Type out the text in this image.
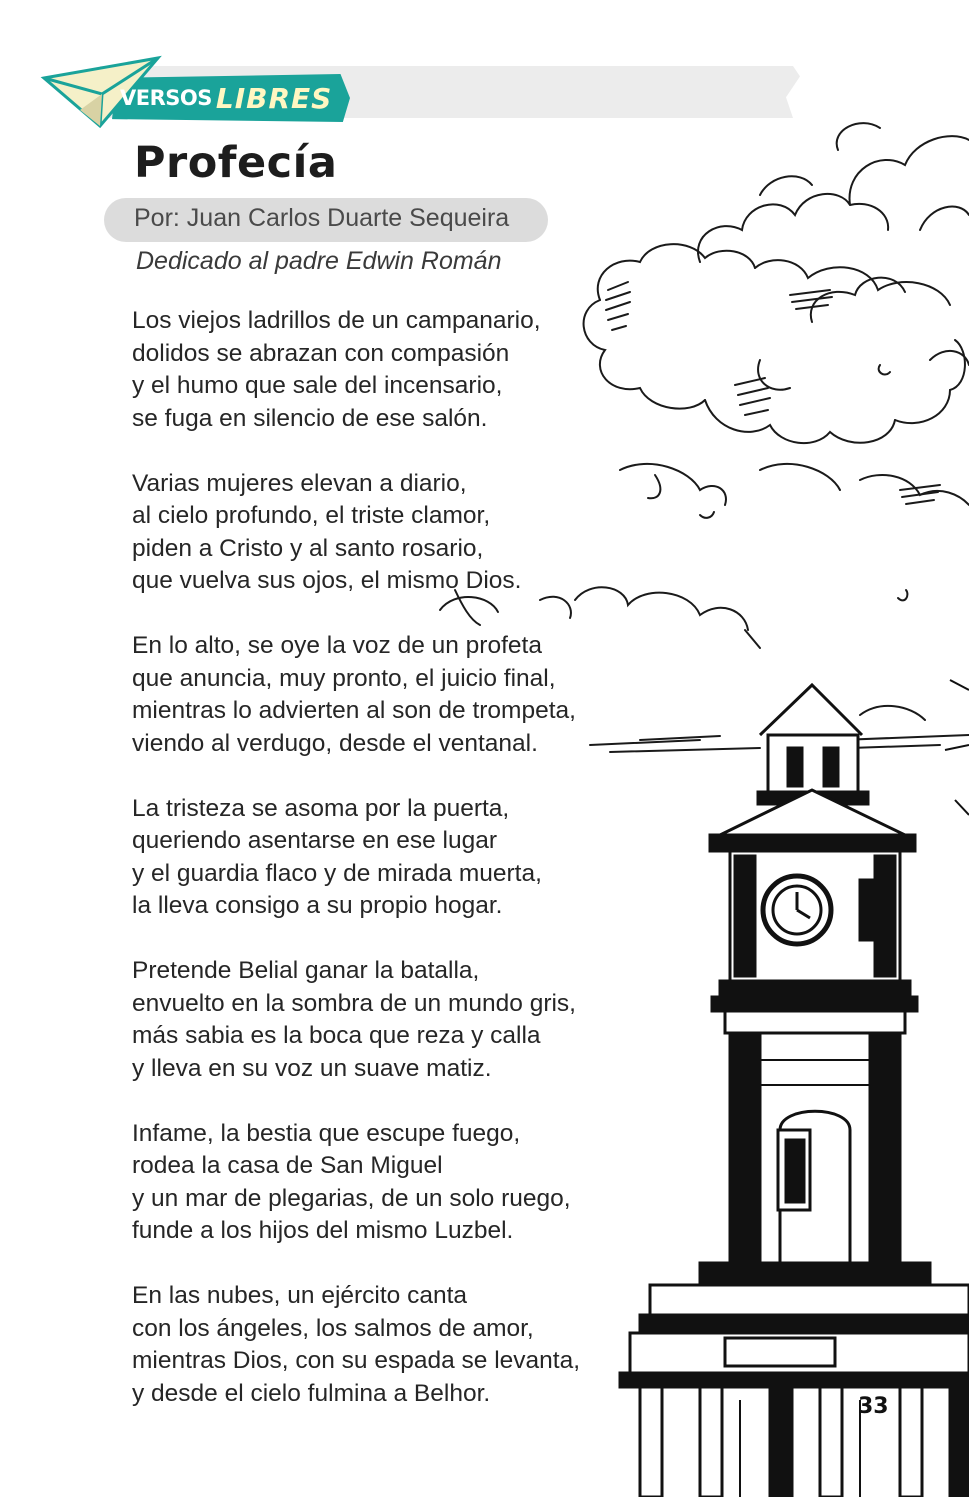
VERSOS LIBRES
Profecía
Por: Juan Carlos Duarte Sequeira
Dedicado al padre Edwin Román
Los viejos ladrillos de un campanario,
dolidos se abrazan con compasión
y el humo que sale del incensario,
se fuga en silencio de ese salón.
Varias mujeres elevan a diario,
al cielo profundo, el triste clamor,
piden a Cristo y al santo rosario,
que vuelva sus ojos, el mismo Dios.
En lo alto, se oye la voz de un profeta
que anuncia, muy pronto, el juicio final,
mientras lo advierten al son de trompeta,
viendo al verdugo, desde el ventanal.
La tristeza se asoma por la puerta,
queriendo asentarse en ese lugar
y el guardia flaco y de mirada muerta,
la lleva consigo a su propio hogar.
Pretende Belial ganar la batalla,
envuelto en la sombra de un mundo gris,
más sabia es la boca que reza y calla
y lleva en su voz un suave matiz.
Infame, la bestia que escupe fuego,
rodea la casa de San Miguel
y un mar de plegarias, de un solo ruego,
funde a los hijos del mismo Luzbel.
En las nubes, un ejército canta
con los ángeles, los salmos de amor,
mientras Dios, con su espada se levanta,
y desde el cielo fulmina a Belhor.	33
